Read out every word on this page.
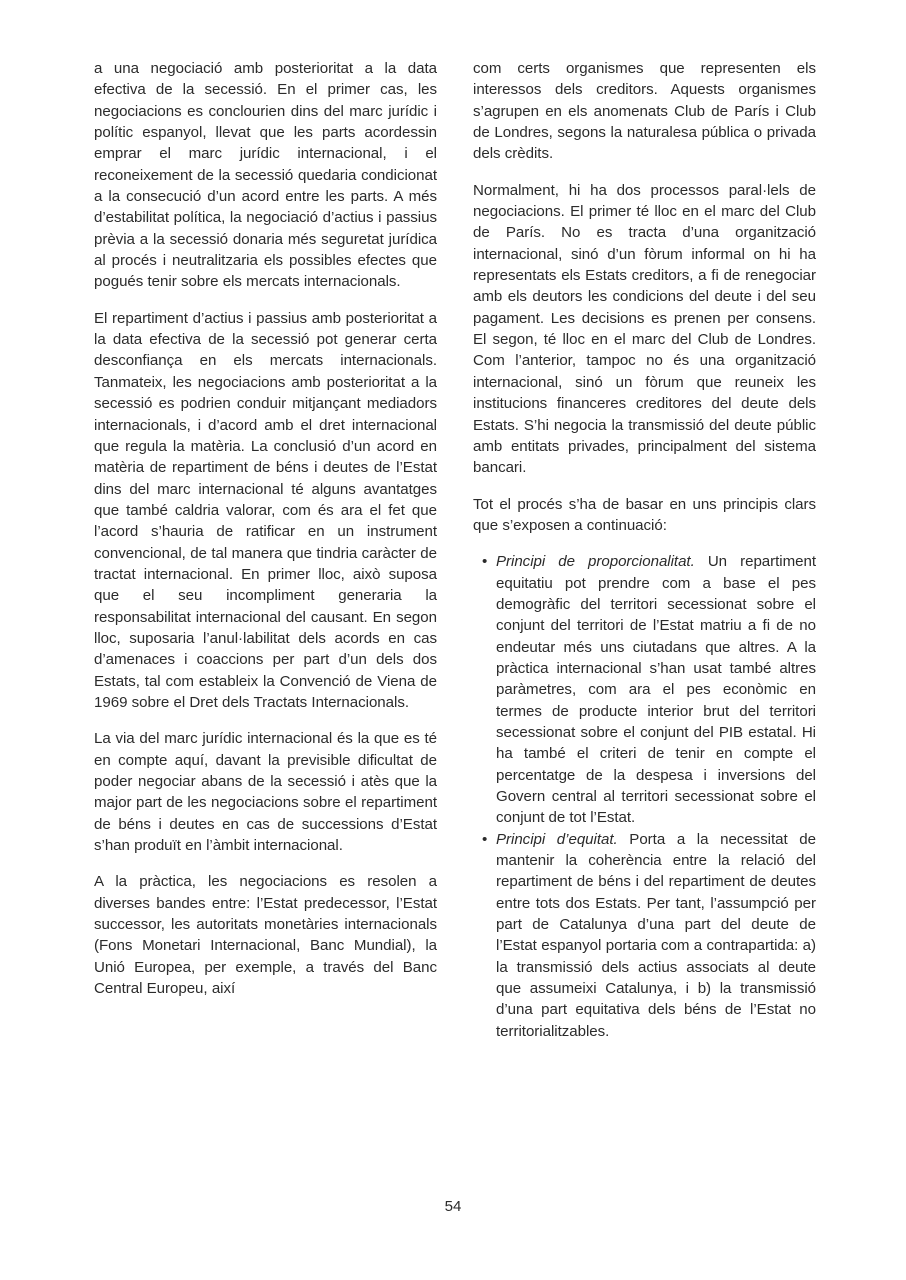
a una negociació amb posterioritat a la data efectiva de la secessió. En el primer cas, les negociacions es conclourien dins del marc jurídic i polític espanyol, llevat que les parts acordessin emprar el marc jurídic internacional, i el reconeixement de la secessió quedaria condicionat a la consecució d’un acord entre les parts. A més d’estabilitat política, la negociació d’actius i passius prèvia a la secessió donaria més seguretat jurídica al procés i neutralitzaria els possibles efectes que pogués tenir sobre els mercats internacionals.

El repartiment d’actius i passius amb posterioritat a la data efectiva de la secessió pot generar certa desconfiança en els mercats internacionals. Tanmateix, les negociacions amb posterioritat a la secessió es podrien conduir mitjançant mediadors internacionals, i d’acord amb el dret internacional que regula la matèria. La conclusió d’un acord en matèria de repartiment de béns i deutes de l’Estat dins del marc internacional té alguns avantatges que també caldria valorar, com és ara el fet que l’acord s’hauria de ratificar en un instrument convencional, de tal manera que tindria caràcter de tractat internacional. En primer lloc, això suposa que el seu incompliment generaria la responsabilitat internacional del causant. En segon lloc, suposaria l’anul·labilitat dels acords en cas d’amenaces i coaccions per part d’un dels dos Estats, tal com estableix la Convenció de Viena de 1969 sobre el Dret dels Tractats Internacionals.

La via del marc jurídic internacional és la que es té en compte aquí, davant la previsible dificultat de poder negociar abans de la secessió i atès que la major part de les negociacions sobre el repartiment de béns i deutes en cas de successions d’Estat s’han produït en l’àmbit internacional.

A la pràctica, les negociacions es resolen a diverses bandes entre: l’Estat predecessor, l’Estat successor, les autoritats monetàries internacionals (Fons Monetari Internacional, Banc Mundial), la Unió Europea, per exemple, a través del Banc Central Europeu, així

com certs organismes que representen els interessos dels creditors. Aquests organismes s’agrupen en els anomenats Club de París i Club de Londres, segons la naturalesa pública o privada dels crèdits.

Normalment, hi ha dos processos paral·lels de negociacions. El primer té lloc en el marc del Club de París. No es tracta d’una organització internacional, sinó d’un fòrum informal on hi ha representats els Estats creditors, a fi de renegociar amb els deutors les condicions del deute i del seu pagament. Les decisions es prenen per consens. El segon, té lloc en el marc del Club de Londres. Com l’anterior, tampoc no és una organització internacional, sinó un fòrum que reuneix les institucions financeres creditores del deute dels Estats. S’hi negocia la transmissió del deute públic amb entitats privades, principalment del sistema bancari.

Tot el procés s’ha de basar en uns principis clars que s’exposen a continuació:

• Principi de proporcionalitat. Un repartiment equitatiu pot prendre com a base el pes demogràfic del territori secessionat sobre el conjunt del territori de l’Estat matriu a fi de no endeutar més uns ciutadans que altres. A la pràctica internacional s’han usat també altres paràmetres, com ara el pes econòmic en termes de producte interior brut del territori secessionat sobre el conjunt del PIB estatal. Hi ha també el criteri de tenir en compte el percentatge de la despesa i inversions del Govern central al territori secessionat sobre el conjunt de tot l’Estat.
• Principi d’equitat. Porta a la necessitat de mantenir la coherència entre la relació del repartiment de béns i del repartiment de deutes entre tots dos Estats. Per tant, l’assumpció per part de Catalunya d’una part del deute de l’Estat espanyol portaria com a contrapartida: a) la transmissió dels actius associats al deute que assumeixi Catalunya, i b) la transmissió d’una part equitativa dels béns de l’Estat no territorialitzables.
54
